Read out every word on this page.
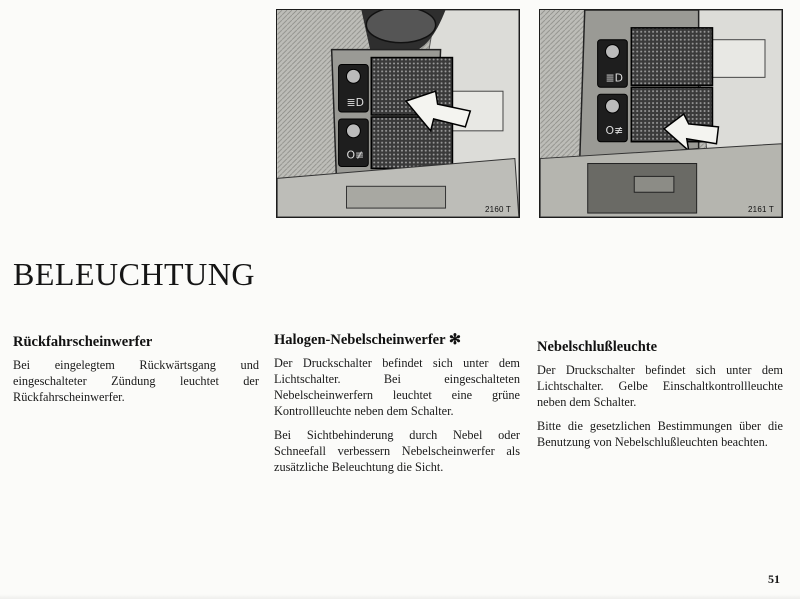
≣D
O≢
2160 T
≣D
O≢
2161 T
BELEUCHTUNG
Rückfahrscheinwerfer

Bei eingelegtem Rückwärtsgang und eingeschalteter Zündung leuchtet der Rückfahrscheinwerfer.

Halogen-Nebelscheinwerfer ✻

Der Druckschalter befindet sich unter dem Lichtschalter. Bei eingeschalteten Nebelscheinwerfern leuchtet eine grüne Kontrollleuchte neben dem Schalter.

Bei Sichtbehinderung durch Nebel oder Schneefall verbessern Nebelscheinwerfer als zusätzliche Beleuchtung die Sicht.

Nebelschlußleuchte

Der Druckschalter befindet sich unter dem Lichtschalter. Gelbe Einschaltkontrollleuchte neben dem Schalter.

Bitte die gesetzlichen Bestimmungen über die Benutzung von Nebelschlußleuchten beachten.

51
